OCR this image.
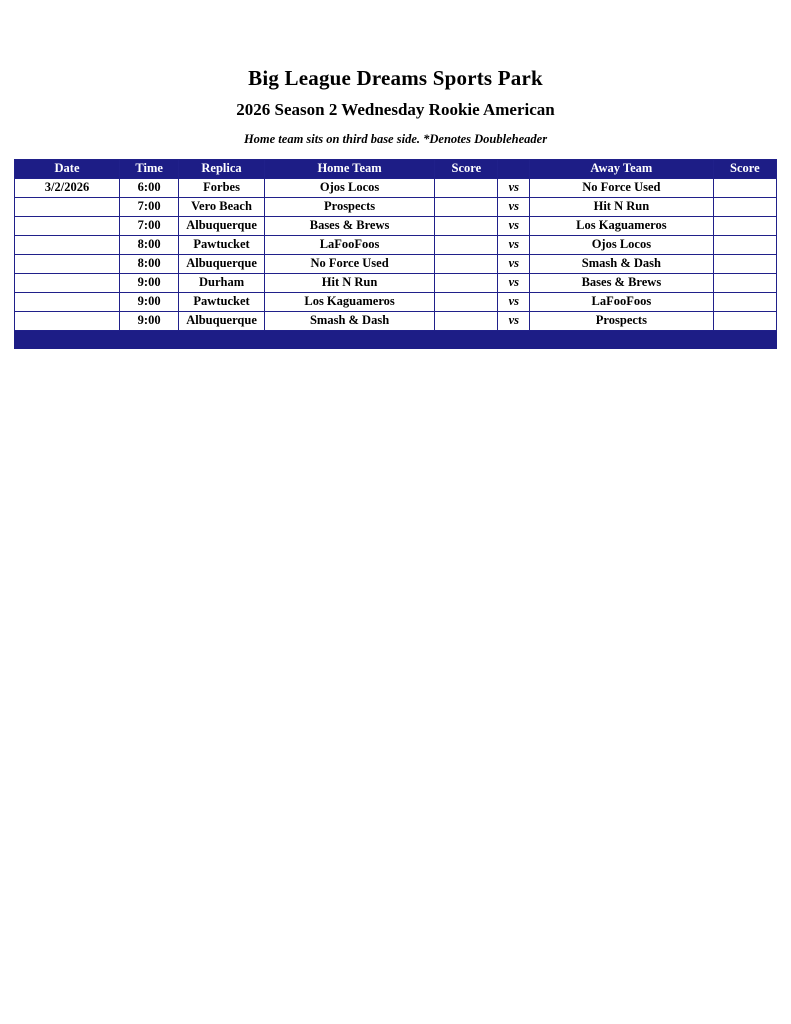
Big League Dreams Sports Park
2026 Season 2 Wednesday Rookie American
Home team sits on third base side. *Denotes Doubleheader
Date	Time	Replica	Home Team	Score		Away Team	Score
3/2/2026	6:00	Forbes	Ojos Locos		vs	No Force Used	
	7:00	Vero Beach	Prospects		vs	Hit N Run	
	7:00	Albuquerque	Bases & Brews		vs	Los Kaguameros	
	8:00	Pawtucket	LaFooFoos		vs	Ojos Locos	
	8:00	Albuquerque	No Force Used		vs	Smash & Dash	
	9:00	Durham	Hit N Run		vs	Bases & Brews	
	9:00	Pawtucket	Los Kaguameros		vs	LaFooFoos	
	9:00	Albuquerque	Smash & Dash		vs	Prospects	
